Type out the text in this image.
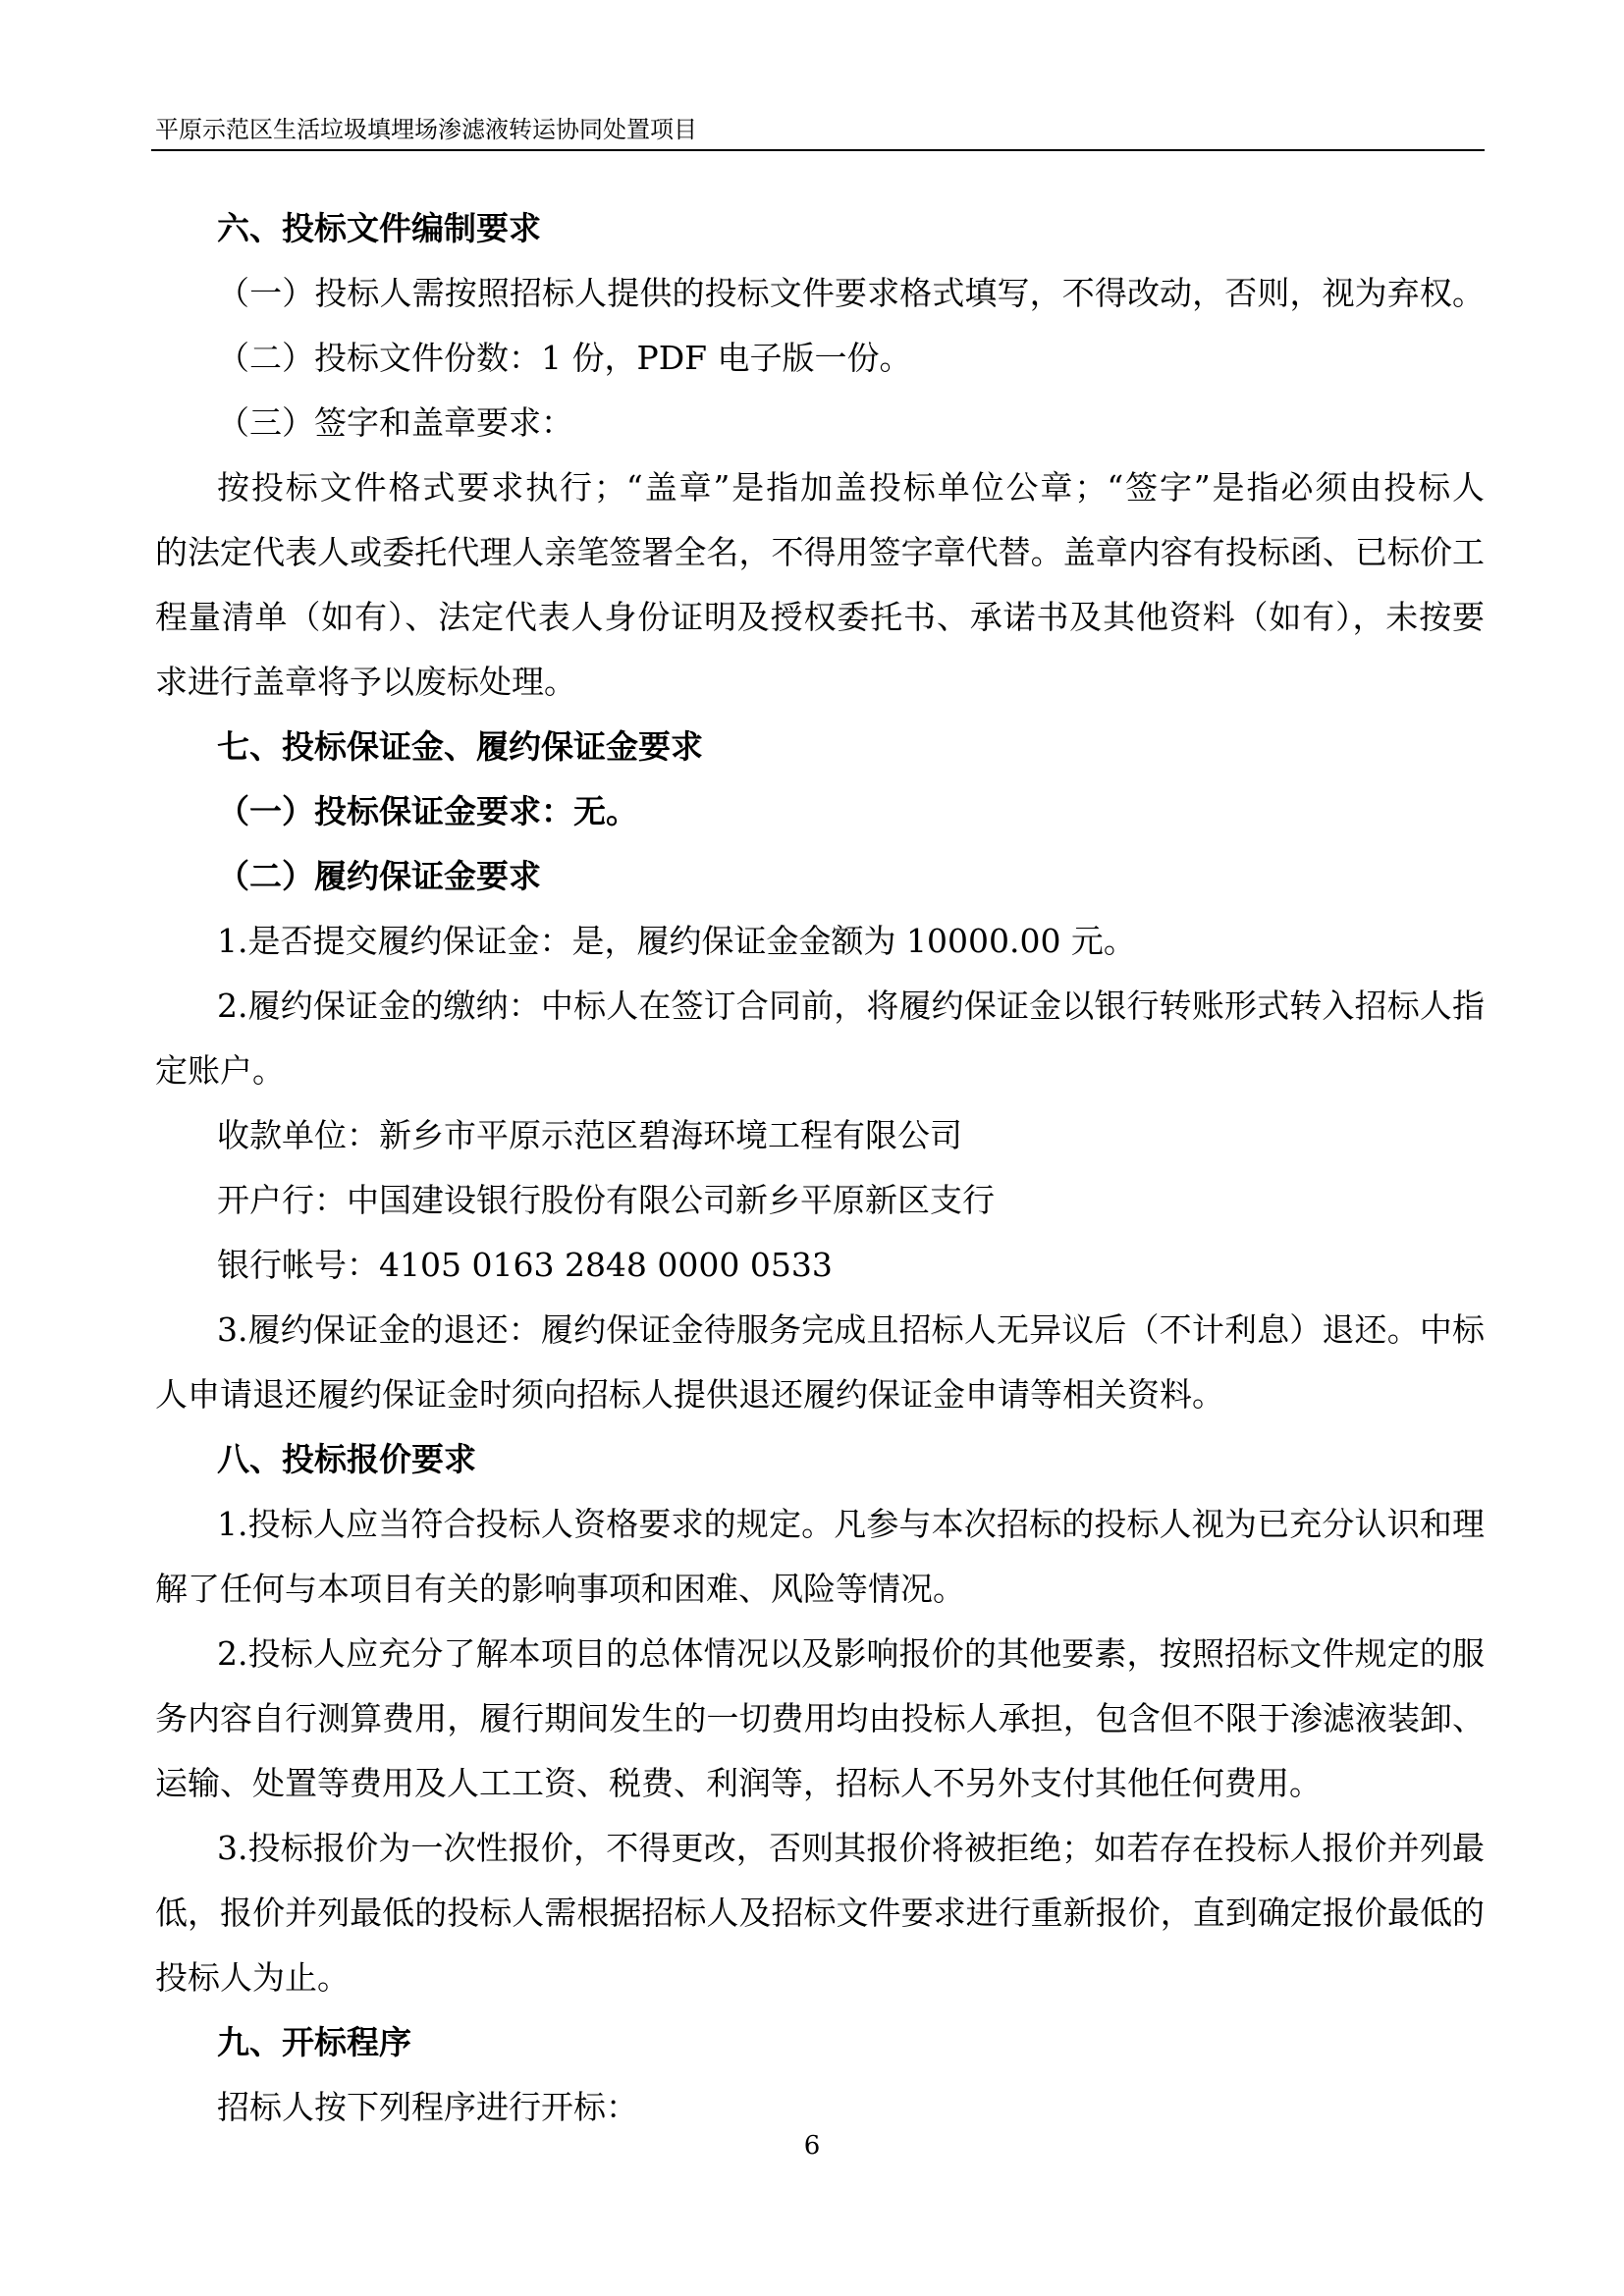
平原示范区生活垃圾填埋场渗滤液转运协同处置项目
六、投标文件编制要求
（一）投标人需按照招标人提供的投标文件要求格式填写，不得改动，否则，视为弃权。
（二）投标文件份数：1 份，PDF 电子版一份。
（三）签字和盖章要求：
按投标文件格式要求执行；“盖章”是指加盖投标单位公章；“签字”是指必须由投标人
的法定代表人或委托代理人亲笔签署全名，不得用签字章代替。盖章内容有投标函、已标价工
程量清单（如有）、法定代表人身份证明及授权委托书、承诺书及其他资料（如有），未按要
求进行盖章将予以废标处理。
七、投标保证金、履约保证金要求
（一）投标保证金要求：无。
（二）履约保证金要求
1.是否提交履约保证金：是，履约保证金金额为 10000.00 元。
2.履约保证金的缴纳：中标人在签订合同前，将履约保证金以银行转账形式转入招标人指
定账户。
收款单位：新乡市平原示范区碧海环境工程有限公司
开户行：中国建设银行股份有限公司新乡平原新区支行
银行帐号：4105 0163 2848 0000 0533
3.履约保证金的退还：履约保证金待服务完成且招标人无异议后（不计利息）退还。中标
人申请退还履约保证金时须向招标人提供退还履约保证金申请等相关资料。
八、投标报价要求
1.投标人应当符合投标人资格要求的规定。凡参与本次招标的投标人视为已充分认识和理
解了任何与本项目有关的影响事项和困难、风险等情况。
2.投标人应充分了解本项目的总体情况以及影响报价的其他要素，按照招标文件规定的服
务内容自行测算费用，履行期间发生的一切费用均由投标人承担，包含但不限于渗滤液装卸、
运输、处置等费用及人工工资、税费、利润等，招标人不另外支付其他任何费用。
3.投标报价为一次性报价，不得更改，否则其报价将被拒绝；如若存在投标人报价并列最
低，报价并列最低的投标人需根据招标人及招标文件要求进行重新报价，直到确定报价最低的
投标人为止。
九、开标程序
招标人按下列程序进行开标：
6
